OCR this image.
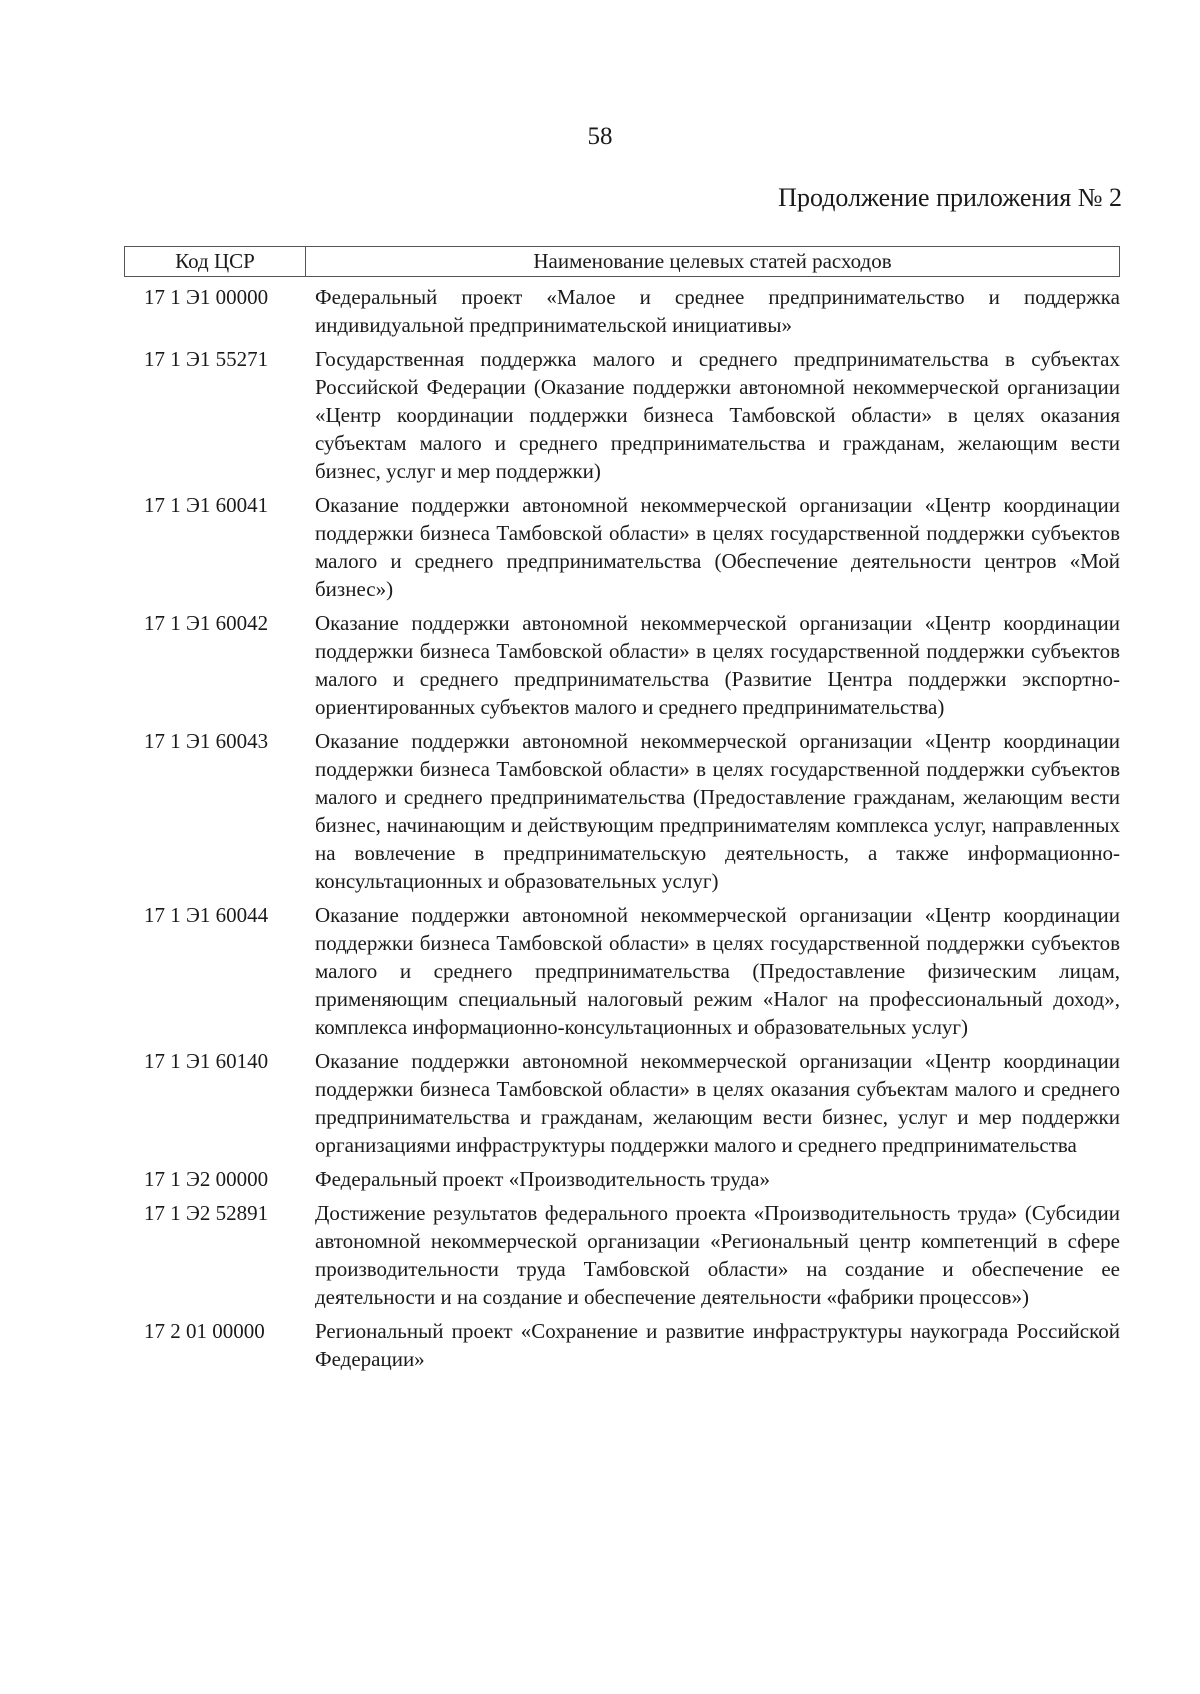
58
Продолжение приложения № 2
Код ЦСР	Наименование целевых статей расходов
17 1 Э1 00000	Федеральный проект «Малое и среднее предпринимательство и поддержка индивидуальной предпринимательской инициативы»
17 1 Э1 55271	Государственная поддержка малого и среднего предпринимательства в субъектах Российской Федерации (Оказание поддержки автономной некоммерческой организации «Центр координации поддержки бизнеса Тамбовской области» в целях оказания субъектам малого и среднего предпринимательства и гражданам, желающим вести бизнес, услуг и мер поддержки)
17 1 Э1 60041	Оказание поддержки автономной некоммерческой организации «Центр координации поддержки бизнеса Тамбовской области» в целях государственной поддержки субъектов малого и среднего предпринимательства (Обеспечение деятельности центров «Мой бизнес»)
17 1 Э1 60042	Оказание поддержки автономной некоммерческой организации «Центр координации поддержки бизнеса Тамбовской области» в целях государственной поддержки субъектов малого и среднего предпринимательства (Развитие Центра поддержки экспортно-ориентированных субъектов малого и среднего предпринимательства)
17 1 Э1 60043	Оказание поддержки автономной некоммерческой организации «Центр координации поддержки бизнеса Тамбовской области» в целях государственной поддержки субъектов малого и среднего предпринимательства (Предоставление гражданам, желающим вести бизнес, начинающим и действующим предпринимателям комплекса услуг, направленных на вовлечение в предпринимательскую деятельность, а также информационно-консультационных и образовательных услуг)
17 1 Э1 60044	Оказание поддержки автономной некоммерческой организации «Центр координации поддержки бизнеса Тамбовской области» в целях государственной поддержки субъектов малого и среднего предпринимательства (Предоставление физическим лицам, применяющим специальный налоговый режим «Налог на профессиональный доход», комплекса информационно-консультационных и образовательных услуг)
17 1 Э1 60140	Оказание поддержки автономной некоммерческой организации «Центр координации поддержки бизнеса Тамбовской области» в целях оказания субъектам малого и среднего предпринимательства и гражданам, желающим вести бизнес, услуг и мер поддержки организациями инфраструктуры поддержки малого и среднего предпринимательства
17 1 Э2 00000	Федеральный проект «Производительность труда»
17 1 Э2 52891	Достижение результатов федерального проекта «Производительность труда» (Субсидии автономной некоммерческой организации «Региональный центр компетенций в сфере производительности труда Тамбовской области» на создание и обеспечение ее деятельности и на создание и обеспечение деятельности «фабрики процессов»)
17 2 01 00000	Региональный проект «Сохранение и развитие инфраструктуры наукограда Российской Федерации»
